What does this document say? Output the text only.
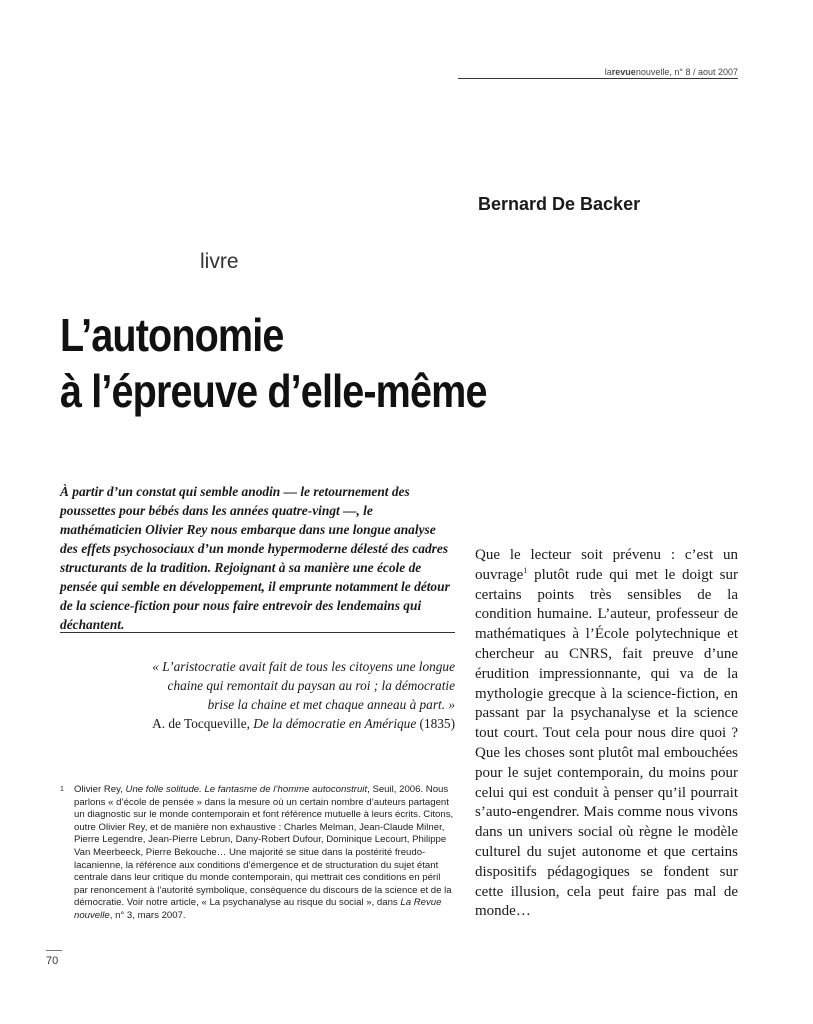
larevuenouvelle, n° 8 / aout 2007
Bernard De Backer
livre
L’autonomie
à l’épreuve d’elle-même
À partir d’un constat qui semble anodin — le retournement des poussettes pour bébés dans les années quatre-vingt —, le mathématicien Olivier Rey nous embarque dans une longue analyse des effets psychosociaux d’un monde hypermoderne délesté des cadres structurants de la tradition. Rejoignant à sa manière une école de pensée qui semble en développement, il emprunte notamment le détour de la science-fiction pour nous faire entrevoir des lendemains qui déchantent.
« L’aristocratie avait fait de tous les citoyens une longue chaine qui remontait du paysan au roi ; la démocratie brise la chaine et met chaque anneau à part. »
A. de Tocqueville, De la démocratie en Amérique (1835)
1 Olivier Rey, Une folle solitude. Le fantasme de l’homme autoconstruit, Seuil, 2006. Nous parlons « d’école de pensée » dans la mesure où un certain nombre d’auteurs partagent un diagnostic sur le monde contemporain et font référence mutuelle à leurs écrits. Citons, outre Olivier Rey, et de manière non exhaustive : Charles Melman, Jean-Claude Milner, Pierre Legendre, Jean-Pierre Lebrun, Dany-Robert Dufour, Dominique Lecourt, Philippe Van Meerbeeck, Pierre Bekouche… Une majorité se situe dans la postérité freudo-lacanienne, la référence aux conditions d’émergence et de structuration du sujet étant centrale dans leur critique du monde contemporain, qui mettrait ces conditions en péril par renoncement à l’autorité symbolique, conséquence du discours de la science et de la démocratie. Voir notre article, « La psychanalyse au risque du social », dans La Revue nouvelle, n° 3, mars 2007.
70
Que le lecteur soit prévenu : c’est un ouvrage$^1$ plutôt rude qui met le doigt sur certains points très sensibles de la condition humaine. L’auteur, professeur de mathématiques à l’École polytechnique et chercheur au CNRS, fait preuve d’une érudition impressionnante, qui va de la mythologie grecque à la science-fiction, en passant par la psychanalyse et la science tout court. Tout cela pour nous dire quoi ? Que les choses sont plutôt mal embouchées pour le sujet contemporain, du moins pour celui qui est conduit à penser qu’il pourrait s’auto-engendrer. Mais comme nous vivons dans un univers social où règne le modèle culturel du sujet autonome et que certains dispositifs pédagogiques se fondent sur cette illusion, cela peut faire pas mal de monde…
